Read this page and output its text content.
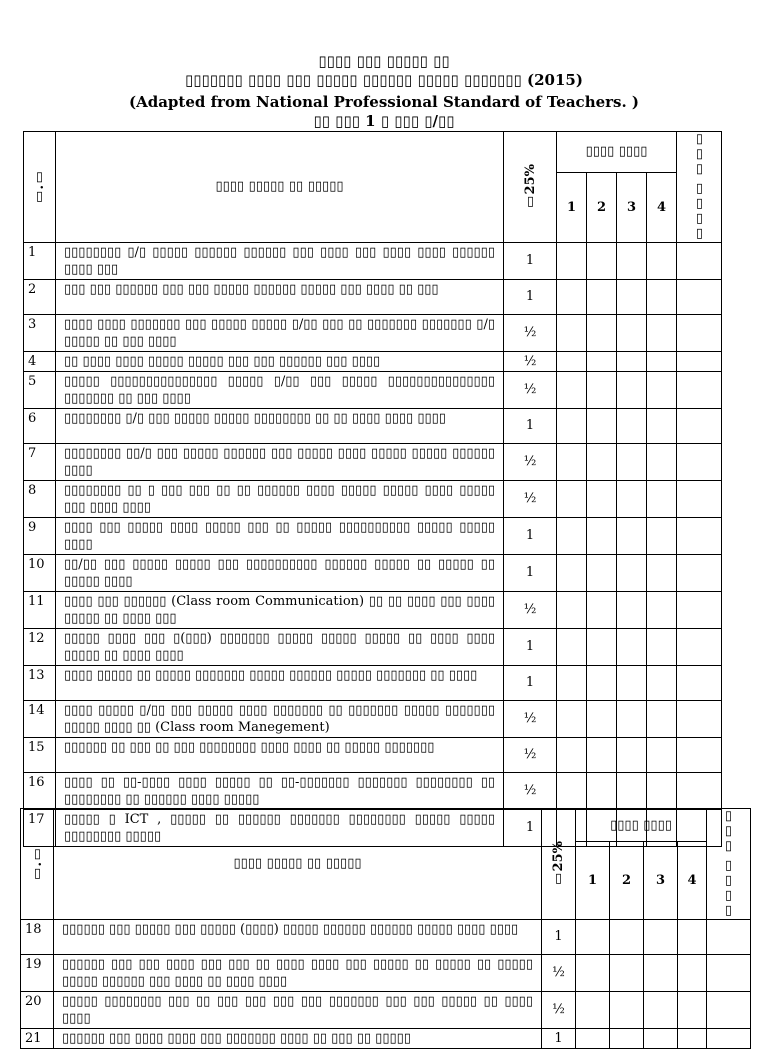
▯▯▯▯ ▯▯▯ ▯▯▯▯▯ ▯▯
▯▯▯▯▯▯▯ ▯▯▯▯ ▯▯▯ ▯▯▯▯▯ ▯▯▯▯▯▯ ▯▯▯▯▯ ▯▯▯▯▯▯▯ (2015)
(Adapted from National Professional Standard of Teachers. )
▯▯ ▯▯▯ 1 ▯ ▯▯▯ ▯/▯▯
▯.▯	▯▯▯▯ ▯▯▯▯▯ ▯▯ ▯▯▯▯▯	▯25%	▯▯▯▯ ▯▯▯▯				▯▯▯▯ ▯▯▯

			1	2	3	4	
1	▯▯▯▯▯▯▯▯ ▯/▯ ▯▯▯▯▯ ▯▯▯▯▯▯ ▯▯▯▯▯▯ ▯▯▯ ▯▯▯▯ ▯▯▯ ▯▯▯▯ ▯▯▯▯ ▯▯▯▯▯▯ ▯▯▯▯ ▯▯▯	1					
2	▯▯▯ ▯▯▯ ▯▯▯▯▯▯ ▯▯▯ ▯▯▯ ▯▯▯▯▯ ▯▯▯▯▯▯ ▯▯▯▯▯ ▯▯▯ ▯▯▯▯ ▯▯ ▯▯▯	1					
3	▯▯▯▯ ▯▯▯▯ ▯▯▯▯▯▯▯ ▯▯▯ ▯▯▯▯▯ ▯▯▯▯▯ ▯/▯▯ ▯▯▯ ▯▯ ▯▯▯▯▯▯▯ ▯▯▯▯▯▯▯ ▯/▯ ▯▯▯▯▯ ▯▯ ▯▯▯ ▯▯▯▯	½					
4	▯▯ ▯▯▯▯ ▯▯▯▯ ▯▯▯▯▯ ▯▯▯▯▯ ▯▯▯ ▯▯▯ ▯▯▯▯▯▯ ▯▯▯ ▯▯▯▯	½					
5	▯▯▯▯▯ ▯▯▯▯▯▯▯▯▯▯▯▯▯▯▯ ▯▯▯▯▯ ▯/▯▯ ▯▯▯ ▯▯▯▯▯ ▯▯▯▯▯▯▯▯▯▯▯▯▯▯▯ ▯▯▯▯▯▯▯ ▯▯ ▯▯▯ ▯▯▯▯	½					
6	▯▯▯▯▯▯▯▯ ▯/▯ ▯▯▯ ▯▯▯▯▯ ▯▯▯▯▯ ▯▯▯▯▯▯▯▯ ▯▯ ▯▯ ▯▯▯▯ ▯▯▯▯ ▯▯▯▯	1					
7	▯▯▯▯▯▯▯▯ ▯▯/▯ ▯▯▯ ▯▯▯▯▯ ▯▯▯▯▯▯ ▯▯▯ ▯▯▯▯▯ ▯▯▯▯ ▯▯▯▯▯ ▯▯▯▯▯ ▯▯▯▯▯▯ ▯▯▯▯	½					
8	▯▯▯▯▯▯▯▯ ▯▯ ▯ ▯▯▯ ▯▯▯ ▯▯ ▯▯ ▯▯▯▯▯▯ ▯▯▯▯ ▯▯▯▯▯ ▯▯▯▯▯ ▯▯▯▯ ▯▯▯▯▯ ▯▯▯ ▯▯▯▯ ▯▯▯▯	½					
9	▯▯▯▯ ▯▯▯ ▯▯▯▯▯ ▯▯▯▯ ▯▯▯▯▯ ▯▯▯ ▯▯ ▯▯▯▯▯ ▯▯▯▯▯▯▯▯▯▯ ▯▯▯▯▯ ▯▯▯▯▯ ▯▯▯▯	1					
10	▯▯/▯▯ ▯▯▯ ▯▯▯▯▯ ▯▯▯▯▯ ▯▯▯ ▯▯▯▯▯▯▯▯▯▯ ▯▯▯▯▯▯ ▯▯▯▯▯ ▯▯ ▯▯▯▯▯ ▯▯ ▯▯▯▯▯ ▯▯▯▯	1					
11	▯▯▯▯ ▯▯▯ ▯▯▯▯▯▯ (Class room Communication) ▯▯ ▯▯ ▯▯▯▯ ▯▯▯ ▯▯▯▯ ▯▯▯▯▯ ▯▯ ▯▯▯▯ ▯▯▯	½					
12	▯▯▯▯▯ ▯▯▯▯ ▯▯▯ ▯(▯▯▯) ▯▯▯▯▯▯▯ ▯▯▯▯▯ ▯▯▯▯▯ ▯▯▯▯▯ ▯▯ ▯▯▯▯ ▯▯▯▯ ▯▯▯▯▯ ▯▯ ▯▯▯▯ ▯▯▯▯	1					
13	▯▯▯▯ ▯▯▯▯▯ ▯▯ ▯▯▯▯▯ ▯▯▯▯▯▯▯ ▯▯▯▯▯ ▯▯▯▯▯▯ ▯▯▯▯▯ ▯▯▯▯▯▯▯ ▯▯ ▯▯▯▯	1					
14	▯▯▯▯ ▯▯▯▯▯ ▯/▯▯ ▯▯▯ ▯▯▯▯▯ ▯▯▯▯ ▯▯▯▯▯▯▯ ▯▯ ▯▯▯▯▯▯▯ ▯▯▯▯▯ ▯▯▯▯▯▯▯ ▯▯▯▯▯ ▯▯▯▯ ▯▯ (Class room Manegement)	½					
15	▯▯▯▯▯▯ ▯▯ ▯▯▯ ▯▯ ▯▯▯ ▯▯▯▯▯▯▯▯ ▯▯▯▯ ▯▯▯▯ ▯▯ ▯▯▯▯▯ ▯▯▯▯▯▯▯	½					
16	▯▯▯▯ ▯▯ ▯▯-▯▯▯▯ ▯▯▯▯ ▯▯▯▯▯ ▯▯ ▯▯-▯▯▯▯▯▯▯ ▯▯▯▯▯▯▯ ▯▯▯▯▯▯▯▯ ▯▯ ▯▯▯▯▯▯▯▯ ▯▯ ▯▯▯▯▯▯ ▯▯▯▯ ▯▯▯▯▯	½					
17	▯▯▯▯▯ ▯ ICT , ▯▯▯▯▯ ▯▯ ▯▯▯▯▯▯ ▯▯▯▯▯▯▯ ▯▯▯▯▯▯▯▯ ▯▯▯▯▯ ▯▯▯▯▯ ▯▯▯▯▯▯▯▯ ▯▯▯▯▯	1					
▯.▯	▯▯▯▯ ▯▯▯▯▯ ▯▯ ▯▯▯▯▯	▯25%	▯▯▯▯ ▯▯▯▯				▯▯▯▯ ▯▯▯

			1	2	3	4	
18	▯▯▯▯▯▯ ▯▯▯ ▯▯▯▯▯ ▯▯▯ ▯▯▯▯▯ (▯▯▯▯) ▯▯▯▯▯ ▯▯▯▯▯▯ ▯▯▯▯▯▯ ▯▯▯▯▯ ▯▯▯▯ ▯▯▯▯	1					
19	▯▯▯▯▯▯ ▯▯▯ ▯▯▯ ▯▯▯▯ ▯▯▯ ▯▯▯ ▯▯ ▯▯▯▯ ▯▯▯▯ ▯▯▯ ▯▯▯▯▯ ▯▯ ▯▯▯▯▯ ▯▯ ▯▯▯▯▯ ▯▯▯▯▯ ▯▯▯▯▯▯ ▯▯▯ ▯▯▯▯ ▯▯ ▯▯▯▯ ▯▯▯▯	½					
20	▯▯▯▯▯ ▯▯▯▯▯▯▯▯ ▯▯▯ ▯▯ ▯▯▯ ▯▯▯ ▯▯▯ ▯▯▯ ▯▯▯▯▯▯▯ ▯▯▯ ▯▯▯ ▯▯▯▯▯ ▯▯ ▯▯▯▯ ▯▯▯▯	½					
21	▯▯▯▯▯▯ ▯▯▯ ▯▯▯▯ ▯▯▯▯ ▯▯▯ ▯▯▯▯▯▯▯ ▯▯▯▯ ▯▯ ▯▯▯ ▯▯ ▯▯▯▯▯	1					
